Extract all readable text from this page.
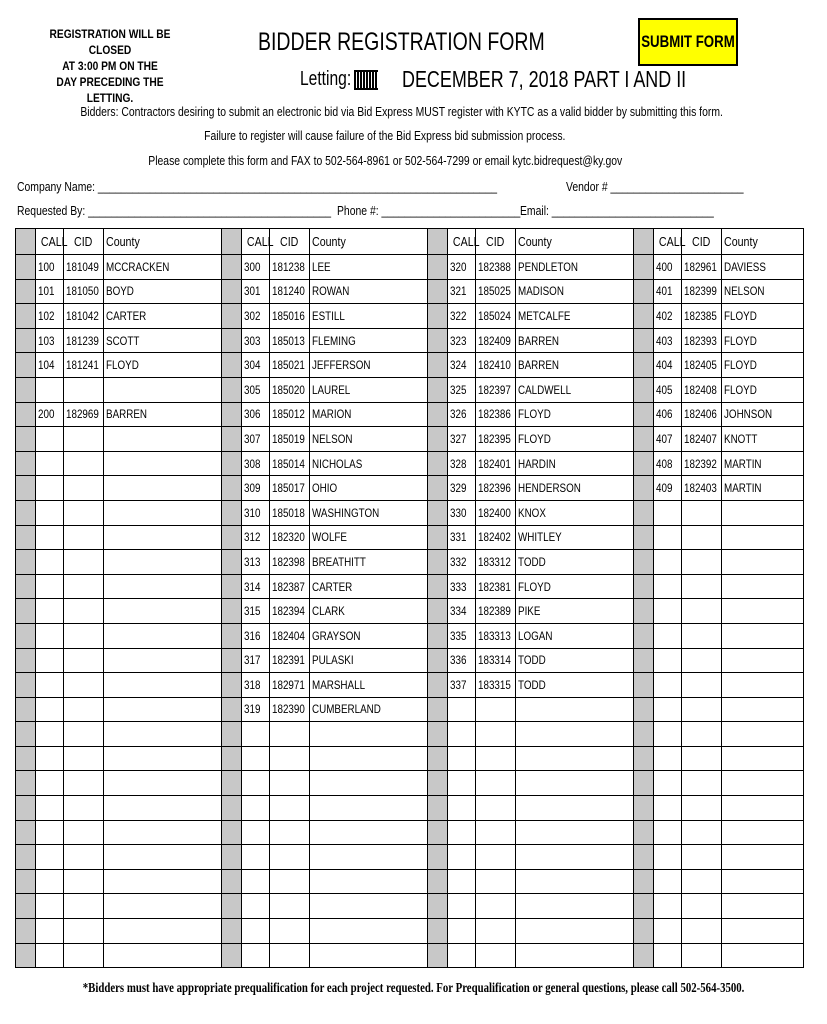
REGISTRATION WILL BE CLOSED
AT 3:00 PM ON THE
DAY PRECEDING THE LETTING.
BIDDER REGISTRATION FORM	SUBMIT FORM
Letting: DECEMBER 7, 2018 PART I AND II
Bidders: Contractors desiring to submit an electronic bid via Bid Express MUST register with KYTC as a valid bidder by submitting this form.
Failure to register will cause failure of the Bid Express bid submission process.
Please complete this form and FAX to 502-564-8961 or 502-564-7299 or email kytc.bidrequest@ky.gov
Company Name: _____________________________________________________________________	Vendor # _______________________
Requested By: __________________________________________ Phone #: ________________________ Email: ____________________________
	CALL	CID	County		CALL	CID	County		CALL	CID	County		CALL	CID	County
	100	181049	MCCRACKEN		300	181238	LEE		320	182388	PENDLETON		400	182961	DAVIESS
	101	181050	BOYD		301	181240	ROWAN		321	185025	MADISON		401	182399	NELSON
	102	181042	CARTER		302	185016	ESTILL		322	185024	METCALFE		402	182385	FLOYD
	103	181239	SCOTT		303	185013	FLEMING		323	182409	BARREN		403	182393	FLOYD
	104	181241	FLOYD		304	185021	JEFFERSON		324	182410	BARREN		404	182405	FLOYD
					305	185020	LAUREL		325	182397	CALDWELL		405	182408	FLOYD
	200	182969	BARREN		306	185012	MARION		326	182386	FLOYD		406	182406	JOHNSON
					307	185019	NELSON		327	182395	FLOYD		407	182407	KNOTT
					308	185014	NICHOLAS		328	182401	HARDIN		408	182392	MARTIN
					309	185017	OHIO		329	182396	HENDERSON		409	182403	MARTIN
					310	185018	WASHINGTON		330	182400	KNOX				
					312	182320	WOLFE		331	182402	WHITLEY				
					313	182398	BREATHITT		332	183312	TODD				
					314	182387	CARTER		333	182381	FLOYD				
					315	182394	CLARK		334	182389	PIKE				
					316	182404	GRAYSON		335	183313	LOGAN				
					317	182391	PULASKI		336	183314	TODD				
					318	182971	MARSHALL		337	183315	TODD				
					319	182390	CUMBERLAND								

*Bidders must have appropriate prequalification for each project requested. For Prequalification or general questions, please call 502-564-3500.
